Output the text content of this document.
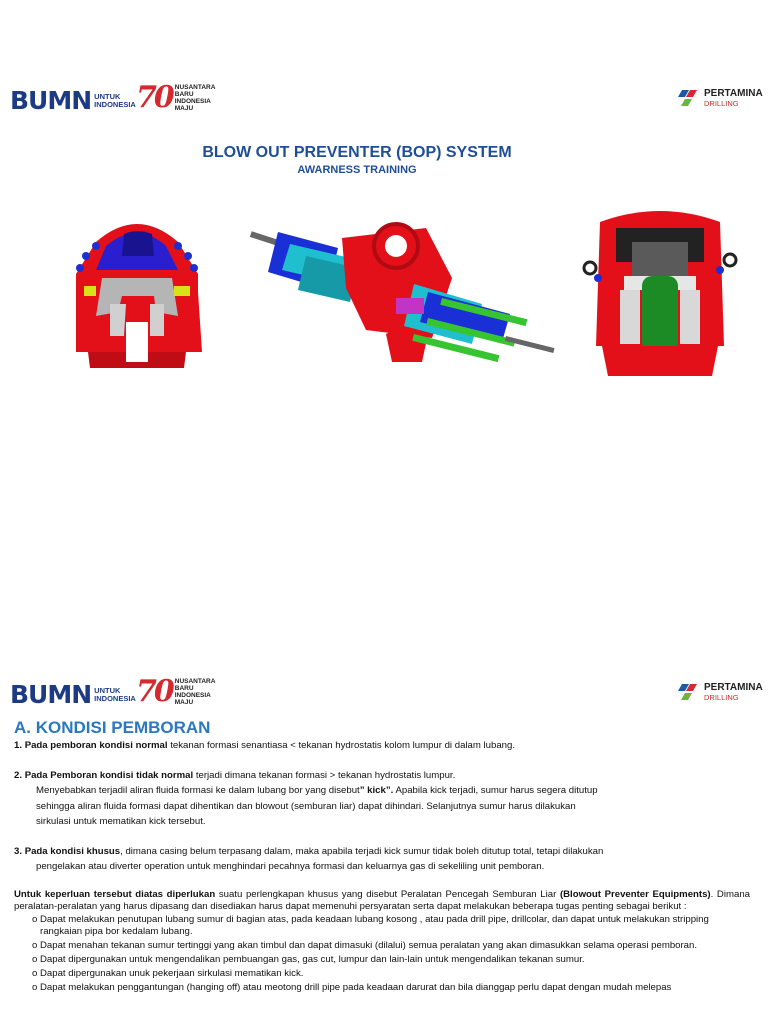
BUMN UNTUK
INDONESIA 70 NUSANTARA
BARU
INDONESIA
MAJU
PERTAMINA
DRILLING
BLOW OUT PREVENTER (BOP) SYSTEM
AWARNESS TRAINING
BUMN UNTUK
INDONESIA 70 NUSANTARA
BARU
INDONESIA
MAJU
PERTAMINA
DRILLING
A. KONDISI PEMBORAN

1. Pada pemboran kondisi normal tekanan formasi senantiasa < tekanan hydrostatis kolom lumpur di dalam lubang.

2. Pada Pemboran kondisi tidak normal terjadi dimana tekanan formasi > tekanan hydrostatis lumpur.

Menyebabkan terjadil aliran fluida formasi ke dalam lubang bor yang disebut” kick”. Apabila kick terjadi, sumur harus segera ditutup

sehingga aliran fluida formasi dapat dihentikan dan blowout (semburan liar) dapat dihindari. Selanjutnya sumur harus dilakukan

sirkulasi untuk mematikan kick tersebut.

3. Pada kondisi khusus, dimana casing belum terpasang dalam, maka apabila terjadi kick sumur tidak boleh ditutup total, tetapi dilakukan

pengelakan atau diverter operation untuk menghindari pecahnya formasi dan keluarnya gas di sekeliling unit pemboran.

Untuk keperluan tersebut diatas diperlukan suatu perlengkapan khusus yang disebut Peralatan Pencegah Semburan Liar (Blowout Preventer Equipments). Dimana peralatan-peralatan yang harus dipasang dan disediakan harus dapat memenuhi persyaratan serta dapat melakukan beberapa tugas penting sebagai berikut :

o Dapat melakukan penutupan lubang sumur di bagian atas, pada keadaan lubang kosong , atau pada drill pipe, drillcolar, dan dapat untuk melakukan stripping rangkaian pipa bor kedalam lubang.
o Dapat menahan tekanan sumur tertinggi yang akan timbul dan dapat dimasuki (dilalui) semua peralatan yang akan dimasukkan selama operasi pemboran.
o Dapat dipergunakan untuk mengendalikan pembuangan gas, gas cut, lumpur dan lain-lain untuk mengendalikan tekanan sumur.
o Dapat dipergunakan unuk pekerjaan sirkulasi mematikan kick.
o Dapat melakukan penggantungan (hanging off) atau meotong drill pipe pada keadaan darurat dan bila dianggap perlu dapat dengan mudah melepas
